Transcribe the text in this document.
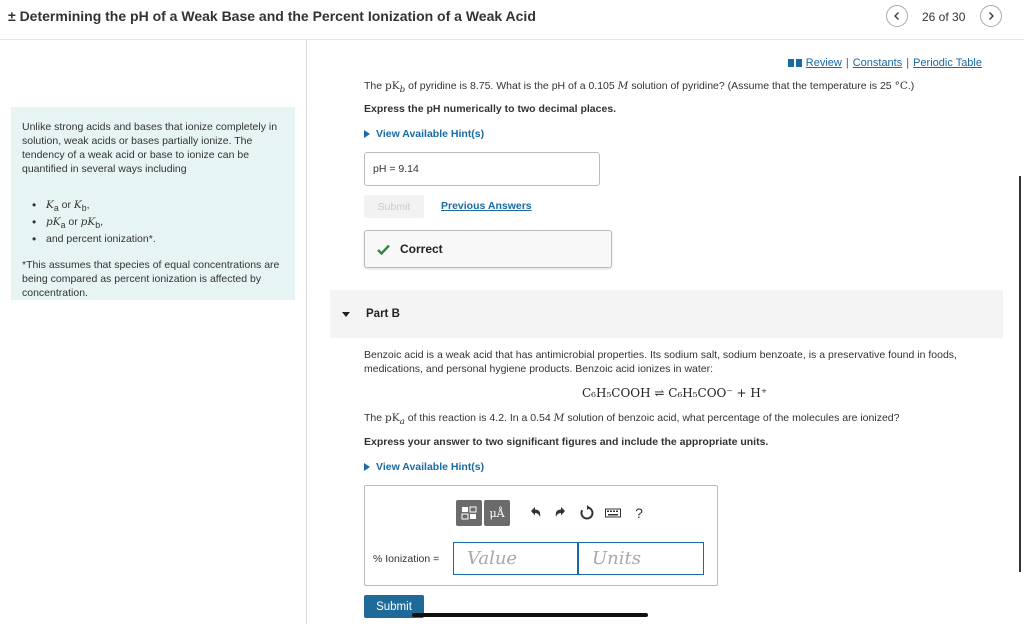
± Determining the pH of a Weak Base and the Percent Ionization of a Weak Acid	26 of 30
Unlike strong acids and bases that ionize completely in solution, weak acids or bases partially ionize. The tendency of a weak acid or base to ionize can be quantified in several ways including
• $K_a$ or $K_b$,
• $pK_a$ or $pK_b$,
• and percent ionization*.
*This assumes that species of equal concentrations are being compared as percent ionization is affected by concentration.
Review | Constants | Periodic Table
The $pK_b$ of pyridine is 8.75. What is the pH of a 0.105 M solution of pyridine? (Assume that the temperature is 25 °C.)
Express the pH numerically to two decimal places.
View Available Hint(s)
pH = 9.14
Submit	Previous Answers
Correct
Part B
Benzoic acid is a weak acid that has antimicrobial properties. Its sodium salt, sodium benzoate, is a preservative found in foods, medications, and personal hygiene products. Benzoic acid ionizes in water:
C₆H₅COOH ⇌ C₆H₅COO⁻ + H⁺
The $pK_a$ of this reaction is 4.2. In a 0.54 M solution of benzoic acid, what percentage of the molecules are ionized?
Express your answer to two significant figures and include the appropriate units.
View Available Hint(s)
μÅ	?
% Ionization =	Value	Units
Submit
